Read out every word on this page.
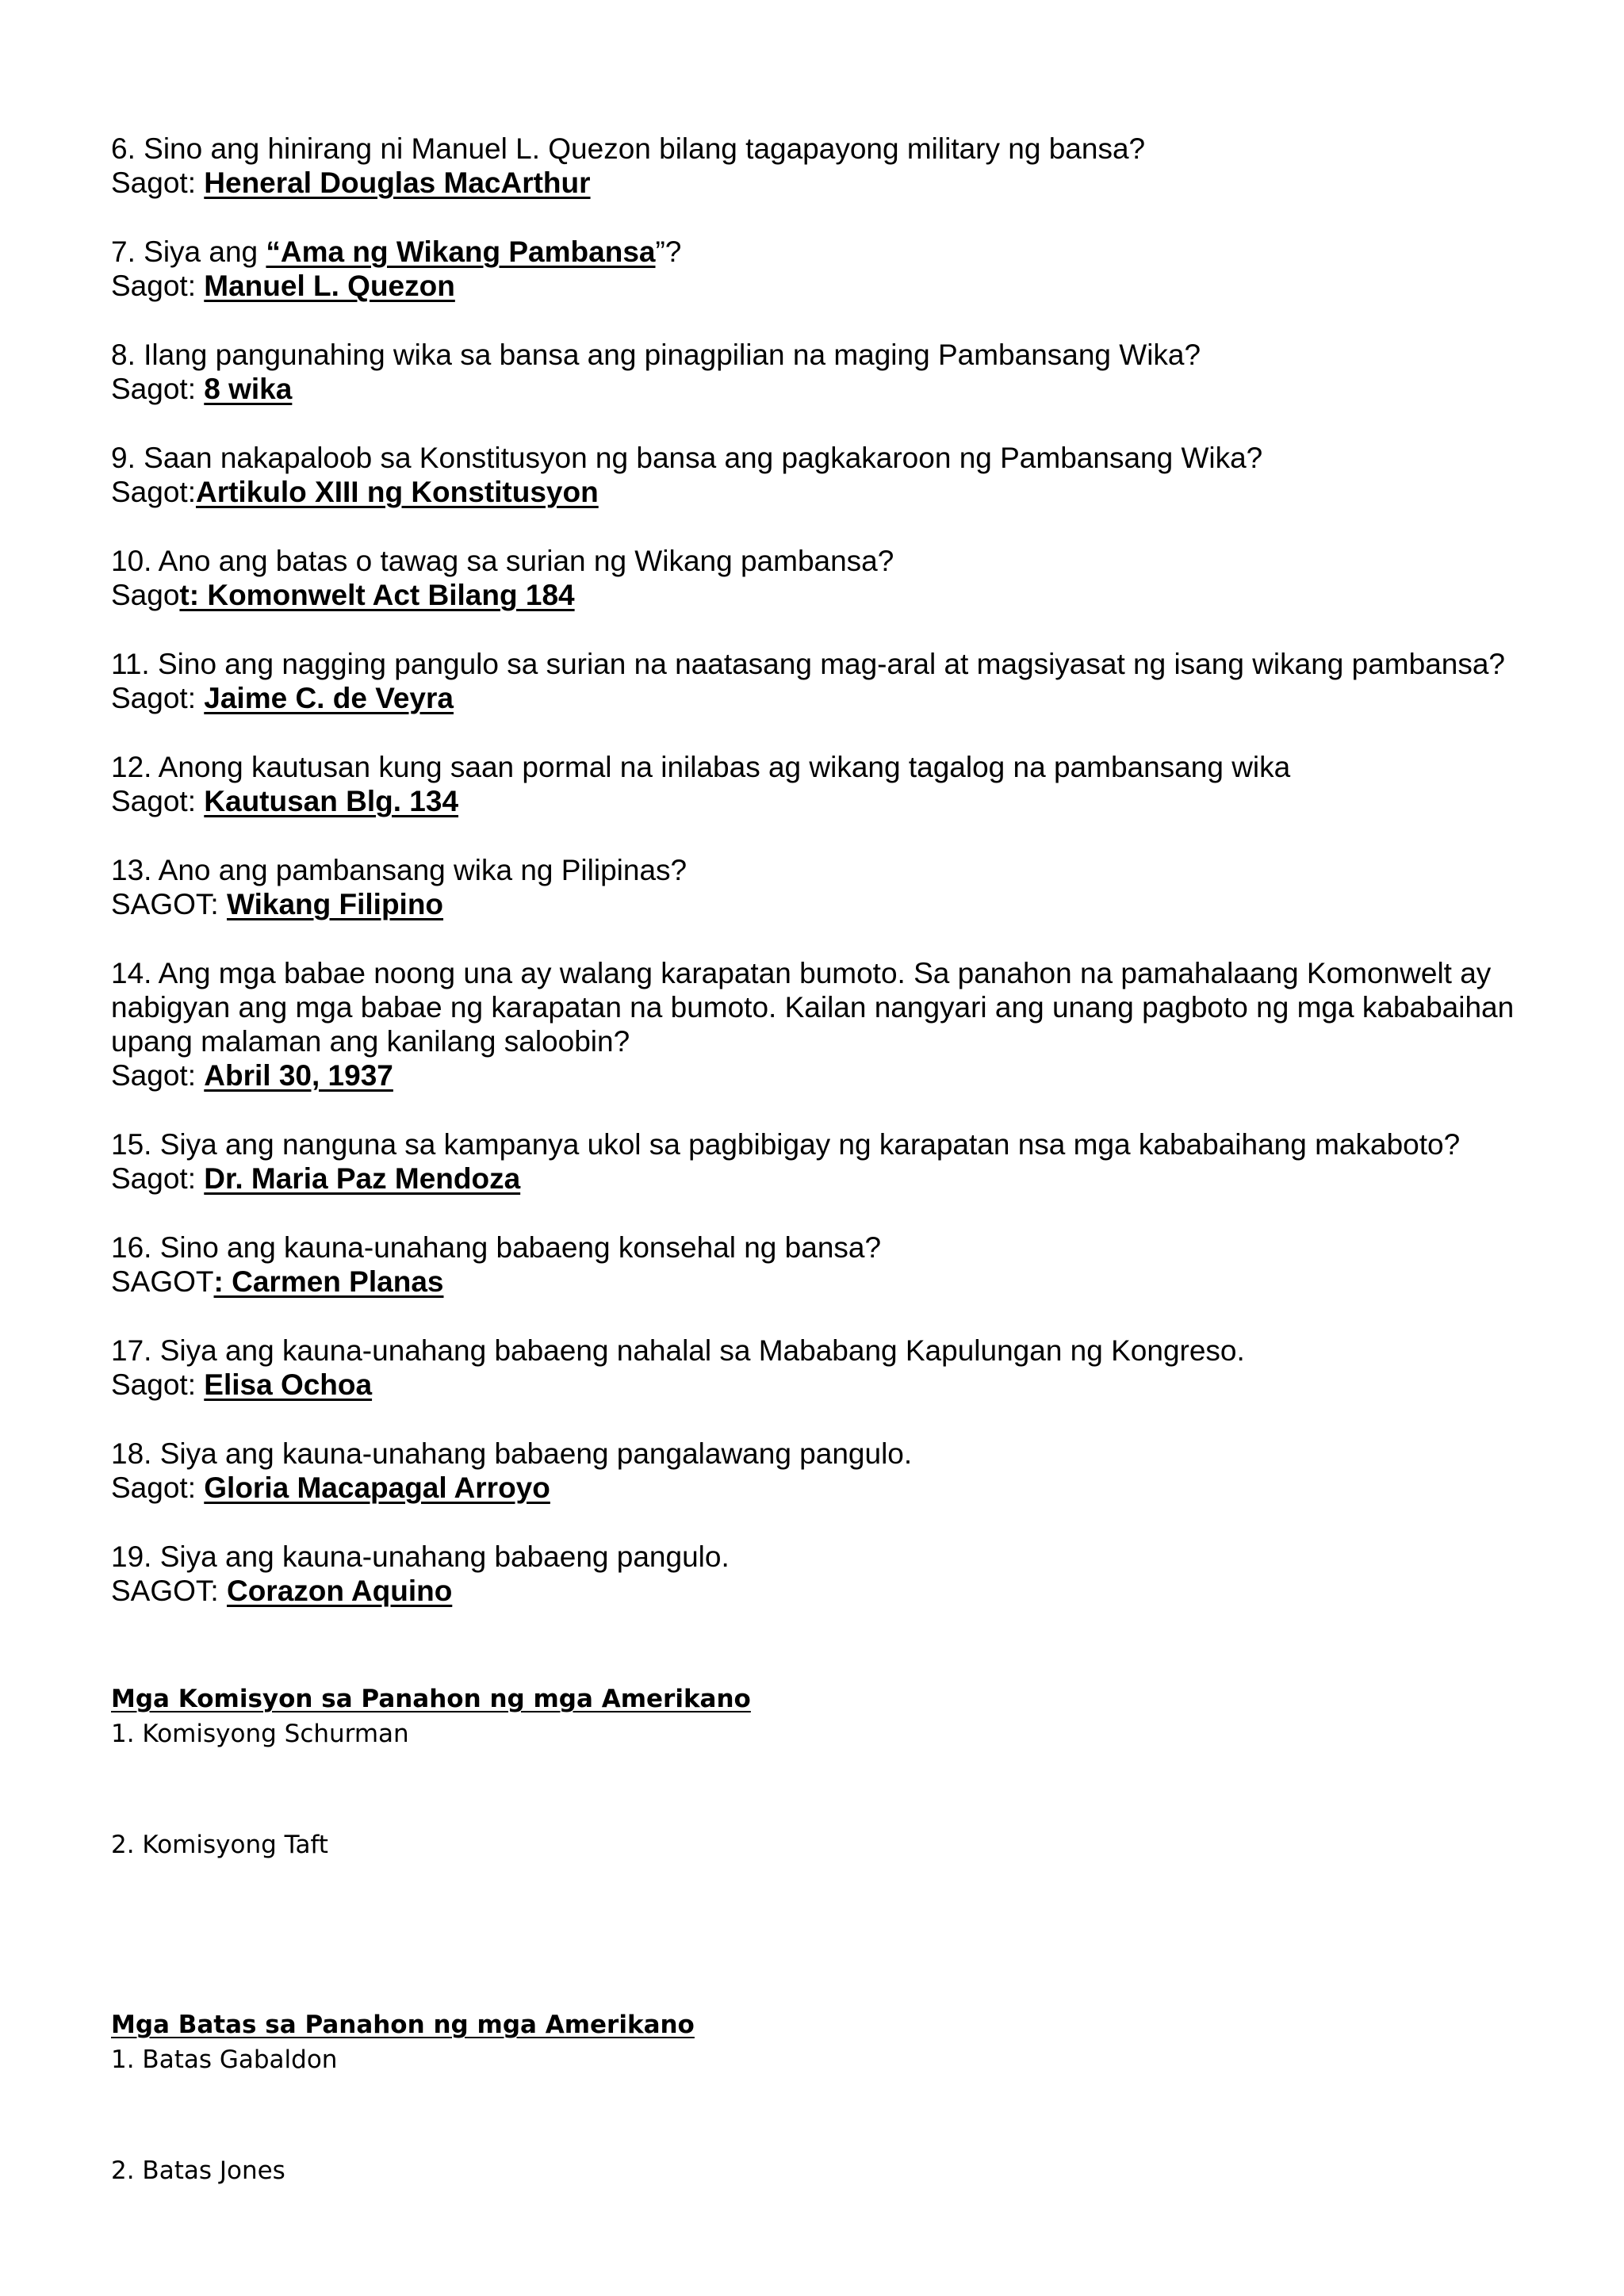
6. Sino ang hinirang ni Manuel L. Quezon bilang tagapayong military ng bansa?
Sagot: Heneral Douglas MacArthur
7. Siya ang “Ama ng Wikang Pambansa”?
Sagot: Manuel L. Quezon
8. Ilang pangunahing wika sa bansa ang pinagpilian na maging Pambansang Wika?
Sagot: 8 wika
9. Saan nakapaloob sa Konstitusyon ng bansa ang pagkakaroon ng Pambansang Wika?
Sagot:Artikulo XIII ng Konstitusyon
10. Ano ang batas o tawag sa surian ng Wikang pambansa?
Sagot: Komonwelt Act Bilang 184
11. Sino ang nagging pangulo sa surian na naatasang mag-aral at magsiyasat ng isang wikang pambansa?
Sagot: Jaime C. de Veyra
12. Anong kautusan kung saan pormal na inilabas ag wikang tagalog na pambansang wika
Sagot: Kautusan Blg. 134
13. Ano ang pambansang wika ng Pilipinas?
SAGOT: Wikang Filipino
14. Ang mga babae noong una ay walang karapatan bumoto. Sa panahon na pamahalaang Komonwelt ay nabigyan ang mga babae ng karapatan na bumoto. Kailan nangyari ang unang pagboto ng mga kababaihan upang malaman ang kanilang saloobin?
Sagot: Abril 30, 1937
15. Siya ang nanguna sa kampanya ukol sa pagbibigay ng karapatan nsa mga kababaihang makaboto?
Sagot: Dr. Maria Paz Mendoza
16. Sino ang kauna-unahang babaeng konsehal ng bansa?
SAGOT: Carmen Planas
17. Siya ang kauna-unahang babaeng nahalal sa Mababang Kapulungan ng Kongreso.
Sagot: Elisa Ochoa
18. Siya ang kauna-unahang babaeng pangalawang pangulo.
Sagot: Gloria Macapagal Arroyo
19. Siya ang kauna-unahang babaeng pangulo.
SAGOT: Corazon Aquino
Mga Komisyon sa Panahon ng mga Amerikano
1. Komisyong Schurman
2. Komisyong Taft
Mga Batas sa Panahon ng mga Amerikano
1. Batas Gabaldon
2. Batas Jones
